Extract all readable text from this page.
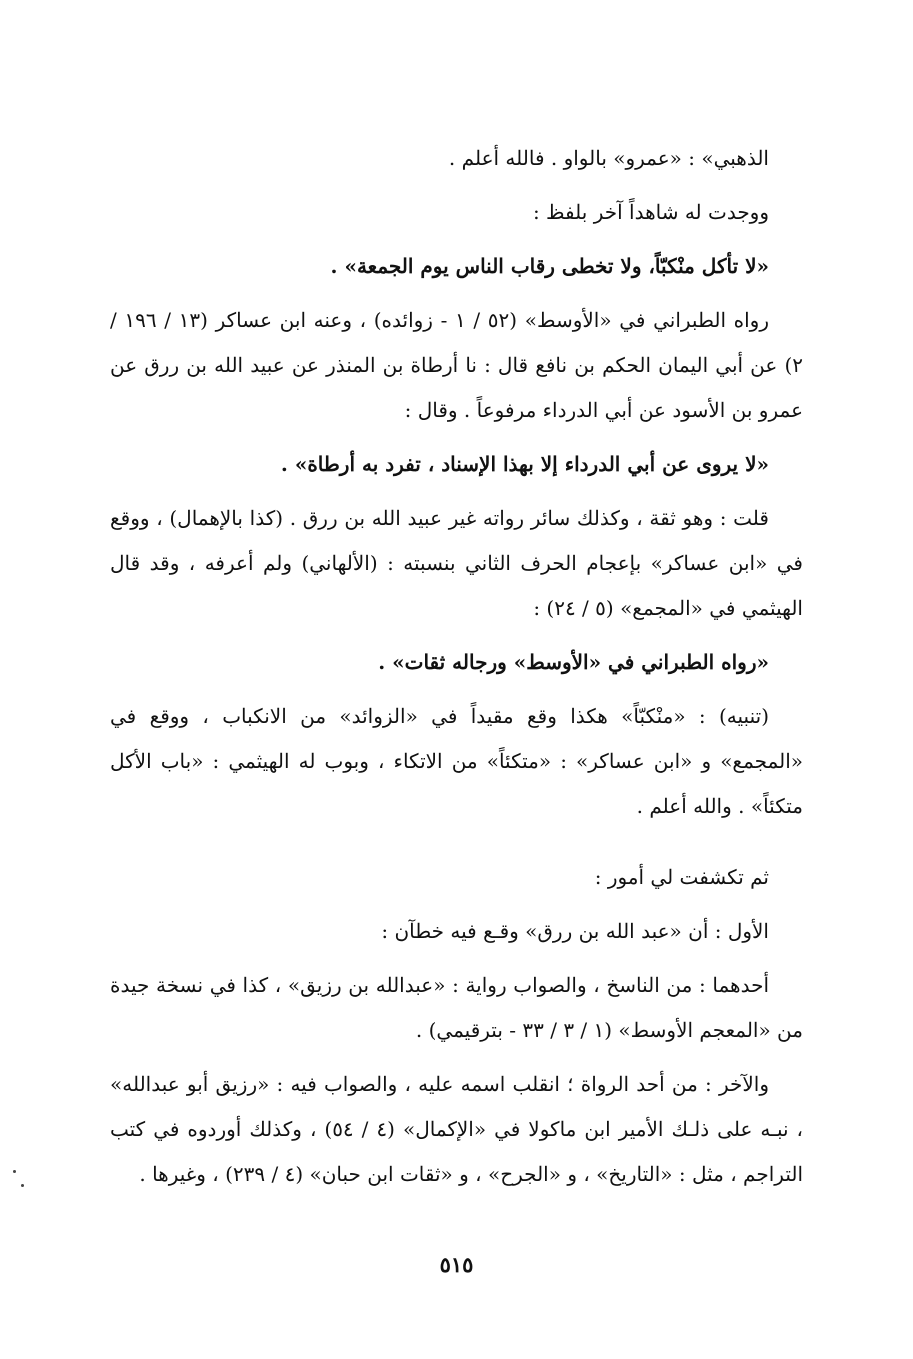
الذهبي» : «عمرو» بالواو . فالله أعلم .

ووجدت له شاهداً آخر بلفظ :

«لا تأكل منْكبّاً، ولا تخطى رقاب الناس يوم الجمعة» .

رواه الطبراني في «الأوسط» (٥٢ / ١ - زوائده) ، وعنه ابن عساكر (١٣ / ١٩٦ / ٢) عن أبي اليمان الحكم بن نافع قال : نا أرطاة بن المنذر عن عبيد الله بن ررق عن عمرو بن الأسود عن أبي الدرداء مرفوعاً . وقال :

«لا يروى عن أبي الدرداء إلا بهذا الإسناد ، تفرد به أرطاة» .

قلت : وهو ثقة ، وكذلك سائر رواته غير عبيد الله بن ررق . (كذا بالإهمال) ، ووقع في «ابن عساكر» بإعجام الحرف الثاني بنسبته : (الألهاني) ولم أعرفه ، وقد قال الهيثمي في «المجمع» (٥ / ٢٤) :

«رواه الطبراني في «الأوسط» ورجاله ثقات» .

(تنبيه) : «منْكبّاً» هكذا وقع مقيداً في «الزوائد» من الانكباب ، ووقع في «المجمع» و «ابن عساكر» : «متكئاً» من الاتكاء ، وبوب له الهيثمي : «باب الأكل متكئاً» . والله أعلم .

ثم تكشفت لي أمور :

الأول : أن «عبد الله بن ررق» وقـع فيه خطآن :

أحدهما : من الناسخ ، والصواب رواية : «عبدالله بن رزيق» ، كذا في نسخة جيدة من «المعجم الأوسط» (١ / ٣ / ٣٣ - بترقيمي) .

والآخر : من أحد الرواة ؛ انقلب اسمه عليه ، والصواب فيه : «رزيق أبو عبدالله» ، نبـه على ذلـك الأمير ابن ماكولا في «الإكمال» (٤ / ٥٤) ، وكذلك أوردوه في كتب التراجم ، مثل : «التاريخ» ، و «الجرح» ، و «ثقات ابن حبان» (٤ / ٢٣٩) ، وغيرها .

٥١٥
